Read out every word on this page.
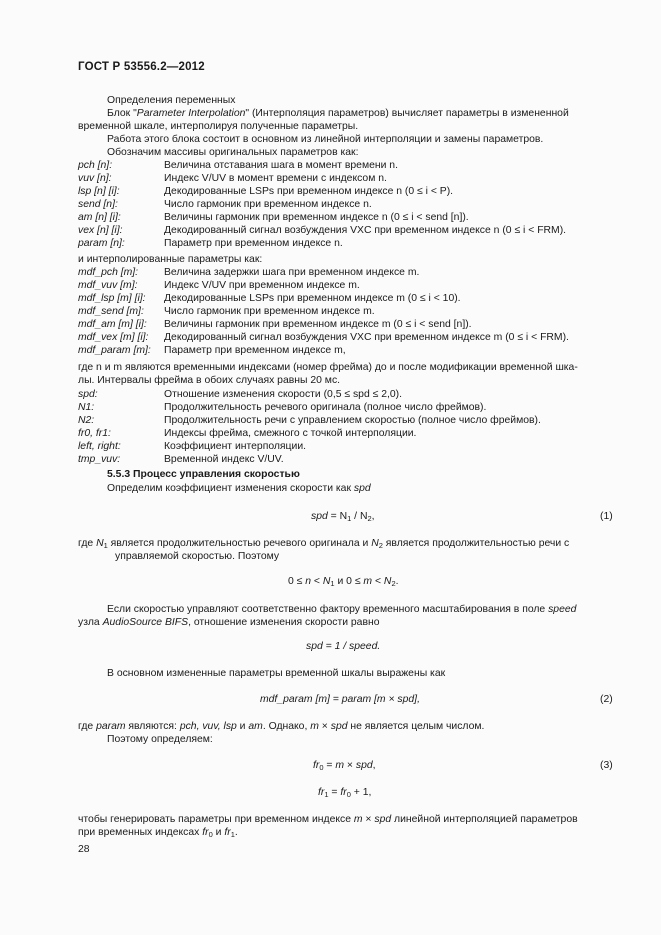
ГОСТ Р 53556.2—2012
Определения переменных
Блок "Parameter Interpolation" (Интерполяция параметров) вычисляет параметры в измененной
временной шкале, интерполируя полученные параметры.
Работа этого блока состоит в основном из линейной интерполяции и замены параметров.
Обозначим массивы оригинальных параметров как:
pch [n]:	Величина отставания шага в момент времени n.
vuv [n]:	Индекс V/UV в момент времени с индексом n.
lsp [n] [i]:	Декодированные LSPs при временном индексе n (0 ≤ i < P).
send [n]:	Число гармоник при временном индексе n.
am [n] [i]:	Величины гармоник при временном индексе n (0 ≤ i < send [n]).
vex [n] [i]:	Декодированный сигнал возбуждения VXC при временном индексе n (0 ≤ i < FRM).
param [n]:	Параметр при временном индексе n.
и интерполированные параметры как:
mdf_pch [m]: Величина задержки шага при временном индексе m.
mdf_vuv [m]:	Индекс V/UV при временном индексе m.
mdf_lsp [m] [i]: Декодированные LSPs при временном индексе m (0 ≤ i < 10).
mdf_send [m]: Число гармоник при временном индексе m.
mdf_am [m] [i]: Величины гармоник при временном индексе m (0 ≤ i < send [n]).
mdf_vex [m] [i]: Декодированный сигнал возбуждения VXC при временном индексе m (0 ≤ i < FRM).
mdf_param [m]: Параметр при временном индексе m,
где n и m являются временными индексами (номер фрейма) до и после модификации временной шка-
лы. Интервалы фрейма в обоих случаях равны 20 мс.
spd:	Отношение изменения скорости (0,5 ≤ spd ≤ 2,0).
N1:	Продолжительность речевого оригинала (полное число фреймов).
N2:	Продолжительность речи с управлением скоростью (полное число фреймов).
fr0, fr1:	Индексы фрейма, смежного с точкой интерполяции.
left, right:	Коэффициент интерполяции.
tmp_vuv:	Временной индекс V/UV.
5.5.3 Процесс управления скоростью
Определим коэффициент изменения скорости как spd
spd = $N_1 / N_2$,	(1)
где $N_1$ является продолжительностью речевого оригинала и $N_2$ является продолжительностью речи с
управляемой скоростью. Поэтому
$0 \le n < N_1$ и $0 \le m < N_2$.
Если скоростью управляют соответственно фактору временного масштабирования в поле speed
узла AudioSource BIFS, отношение изменения скорости равно
spd = 1 / speed.
В основном измененные параметры временной шкалы выражены как
mdf_param [m] = param [m × spd],	(2)
где param являются: pch, vuv, lsp и am. Однако, m × spd не является целым числом.
Поэтому определяем:
$fr_0 = m$ × spd,	(3)
$fr_1 = fr_0 + 1$,
чтобы генерировать параметры при временном индексе m × spd линейной интерполяцией параметров
при временных индексах $fr_0$ и $fr_1$.
28
